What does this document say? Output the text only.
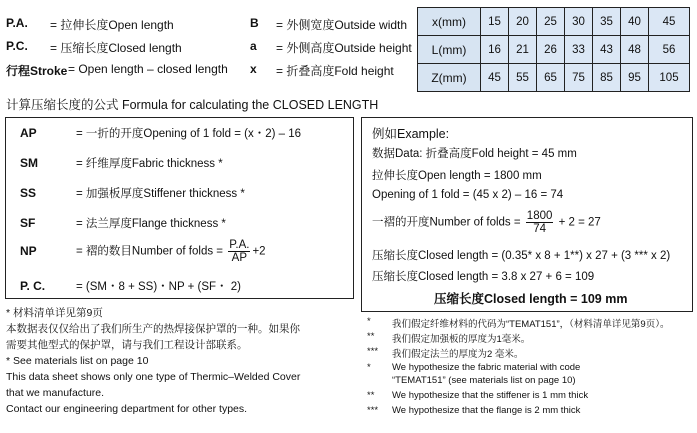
P.A. = 拉伸长度Open length
P.C. = 压缩长度Closed length
行程Stroke = Open length – closed length
B = 外侧宽度Outside width
a = 外侧高度Outside height
x = 折叠高度Fold height
x(mm)	15	20	25	30	35	40	45
L(mm)	16	21	26	33	43	48	56
Z(mm)	45	55	65	75	85	95	105
计算压缩长度的公式 Formula for calculating the CLOSED LENGTH
AP	= 一折的开度Opening of 1 fold = (x・2) – 16
SM	= 纤维厚度Fabric thickness *
SS	= 加强板厚度Stiffener thickness *
SF	= 法兰厚度Flange thickness *
NP	= 褶的数目Number of folds = $\frac{P.A.}{AP} +2$
P. C.	= (SM・8 + SS)・NP + (SF・ 2)
例如Example:
数据Data: 折叠高度Fold height = 45 mm
拉伸长度Open length = 1800 mm
Opening of 1 fold = (45 x 2) – 16 = 74
一褶的开度Number of folds = $\frac{1800}{74} + 2 = 27$
压缩长度Closed length = (0.35* x 8 + 1**) x 27 + (3 *** x 2)
压缩长度Closed length = 3.8 x 27 + 6 = 109
压缩长度Closed length = 109 mm
* 材料清单详见第9页
本数据表仅仅给出了我们所生产的热焊接保护罩的一种。如果你
需要其他型式的保护罩，请与我们工程设计部联系。
* See materials list on page 10
This data sheet shows only one type of Thermic–Welded Cover
that we manufacture.
Contact our engineering department for other types.
* 我们假定纤维材料的代码为“TEMAT151”，（材料清单详见第9页）。
** 我们假定加强板的厚度为1毫米。
*** 我们假定法兰的厚度为2 毫米。
* We hypothesize the fabric material with code
“TEMAT151” (see materials list on page 10)
** We hypothesize that the stiffener is 1 mm thick
*** We hypothesize that the flange is 2 mm thick
